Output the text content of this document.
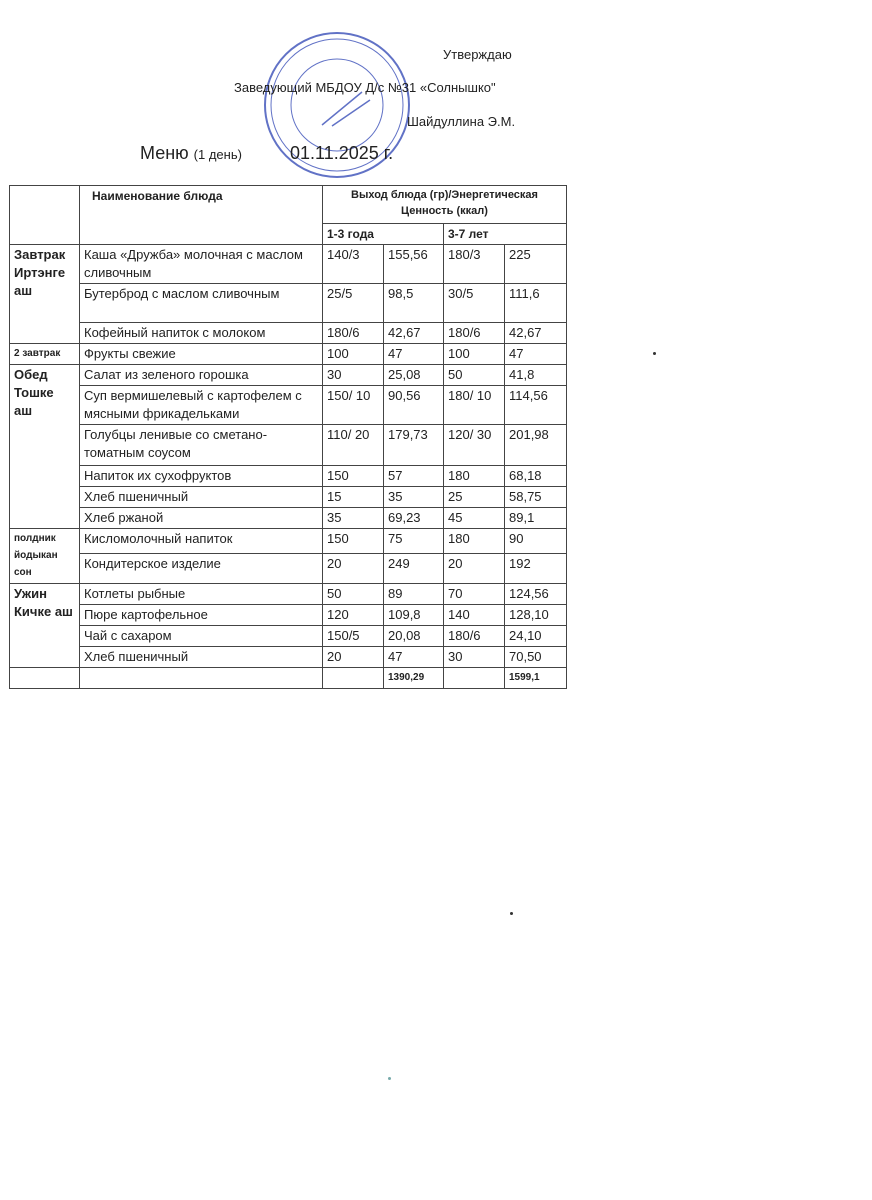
Утверждаю
Заведующий МБДОУ Д/с №31 «Солнышко"
Шайдуллина Э.М.
Меню (1 день)	01.11.2025 г.
	Наименование блюда	Выход блюда (гр)/Энергетическая Ценность (ккал)			
		1-3 года		3-7 лет	
Завтрак Иртэнге аш	Каша «Дружба» молочная с маслом сливочным	140/3	155,56	180/3	225
	Бутерброд с маслом сливочным	25/5	98,5	30/5	111,6
	Кофейный напиток с молоком	180/6	42,67	180/6	42,67
2 завтрак	Фрукты свежие	100	47	100	47
Обед Тошке аш	Салат из зеленого горошка	30	25,08	50	41,8
	Суп вермишелевый с картофелем с мясными фрикадельками	150/ 10	90,56	180/ 10	114,56
	Голубцы ленивые со сметано-томатным соусом	110/ 20	179,73	120/ 30	201,98
	Напиток их сухофруктов	150	57	180	68,18
	Хлеб пшеничный	15	35	25	58,75
	Хлеб ржаной	35	69,23	45	89,1
полдник йодыкан сон	Кисломолочный напиток	150	75	180	90
	Кондитерское изделие	20	249	20	192
Ужин Кичке аш	Котлеты рыбные	50	89	70	124,56
	Пюре картофельное	120	109,8	140	128,10
	Чай с сахаром	150/5	20,08	180/6	24,10
	Хлеб пшеничный	20	47	30	70,50
			1390,29		1599,1
